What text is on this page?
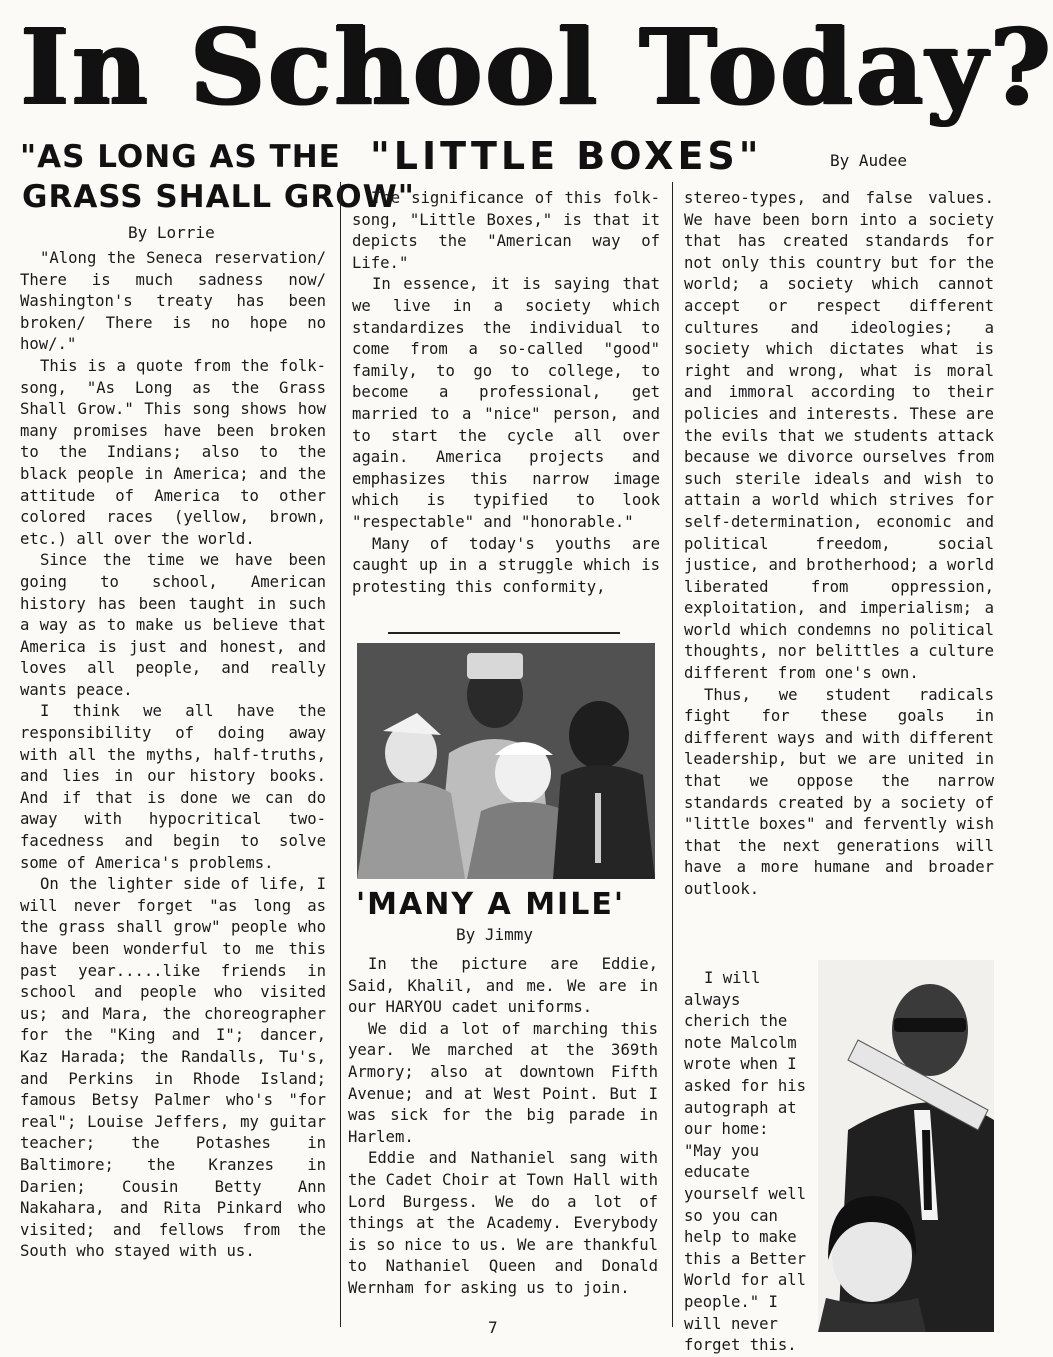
In School Today?
"AS LONG AS THE
GRASS SHALL GROW"
By Lorrie
"LITTLE BOXES"	By Audee

"Along the Seneca reservation/ There is much sadness now/ Washington's treaty has been broken/ There is no hope no how/."

This is a quote from the folk-song, "As Long as the Grass Shall Grow." This song shows how many promises have been broken to the Indians; also to the black people in America; and the attitude of America to other colored races (yellow, brown, etc.) all over the world.

Since the time we have been going to school, American history has been taught in such a way as to make us believe that America is just and honest, and loves all people, and really wants peace.

I think we all have the responsibility of doing away with all the myths, half-truths, and lies in our history books. And if that is done we can do away with hypocritical two-facedness and begin to solve some of America's problems.

On the lighter side of life, I will never forget "as long as the grass shall grow" people who have been wonderful to me this past year.....like friends in school and people who visited us; and Mara, the choreographer for the "King and I"; dancer, Kaz Harada; the Randalls, Tu's, and Perkins in Rhode Island; famous Betsy Palmer who's "for real"; Louise Jeffers, my guitar teacher; the Potashes in Baltimore; the Kranzes in Darien; Cousin Betty Ann Nakahara, and Rita Pinkard who visited; and fellows from the South who stayed with us.

The significance of this folk-song, "Little Boxes," is that it depicts the "American way of Life."

In essence, it is saying that we live in a society which standardizes the individual to come from a so-called "good" family, to go to college, to become a professional, get married to a "nice" person, and to start the cycle all over again. America projects and emphasizes this narrow image which is typified to look "respectable" and "honorable."

Many of today's youths are caught up in a struggle which is protesting this conformity,

'MANY A MILE'
By Jimmy

In the picture are Eddie, Said, Khalil, and me. We are in our HARYOU cadet uniforms.

We did a lot of marching this year. We marched at the 369th Armory; also at downtown Fifth Avenue; and at West Point. But I was sick for the big parade in Harlem.

Eddie and Nathaniel sang with the Cadet Choir at Town Hall with Lord Burgess. We do a lot of things at the Academy. Everybody is so nice to us. We are thankful to Nathaniel Queen and Donald Wernham for asking us to join.

stereo-types, and false values. We have been born into a society that has created standards for not only this country but for the world; a society which cannot accept or respect different cultures and ideologies; a society which dictates what is right and wrong, what is moral and immoral according to their policies and interests. These are the evils that we students attack because we divorce ourselves from such sterile ideals and wish to attain a world which strives for self-determination, economic and political freedom, social justice, and brotherhood; a world liberated from oppression, exploitation, and imperialism; a world which condemns no political thoughts, nor belittles a culture different from one's own.

Thus, we student radicals fight for these goals in different ways and with different leadership, but we are united in that we oppose the narrow standards created by a society of "little boxes" and fervently wish that the next generations will have a more humane and broader outlook.

I will always cherich the note Malcolm wrote when I asked for his autograph at our home: "May you educate yourself well so you can help to make this a Better World for all people." I will never forget this.

7
